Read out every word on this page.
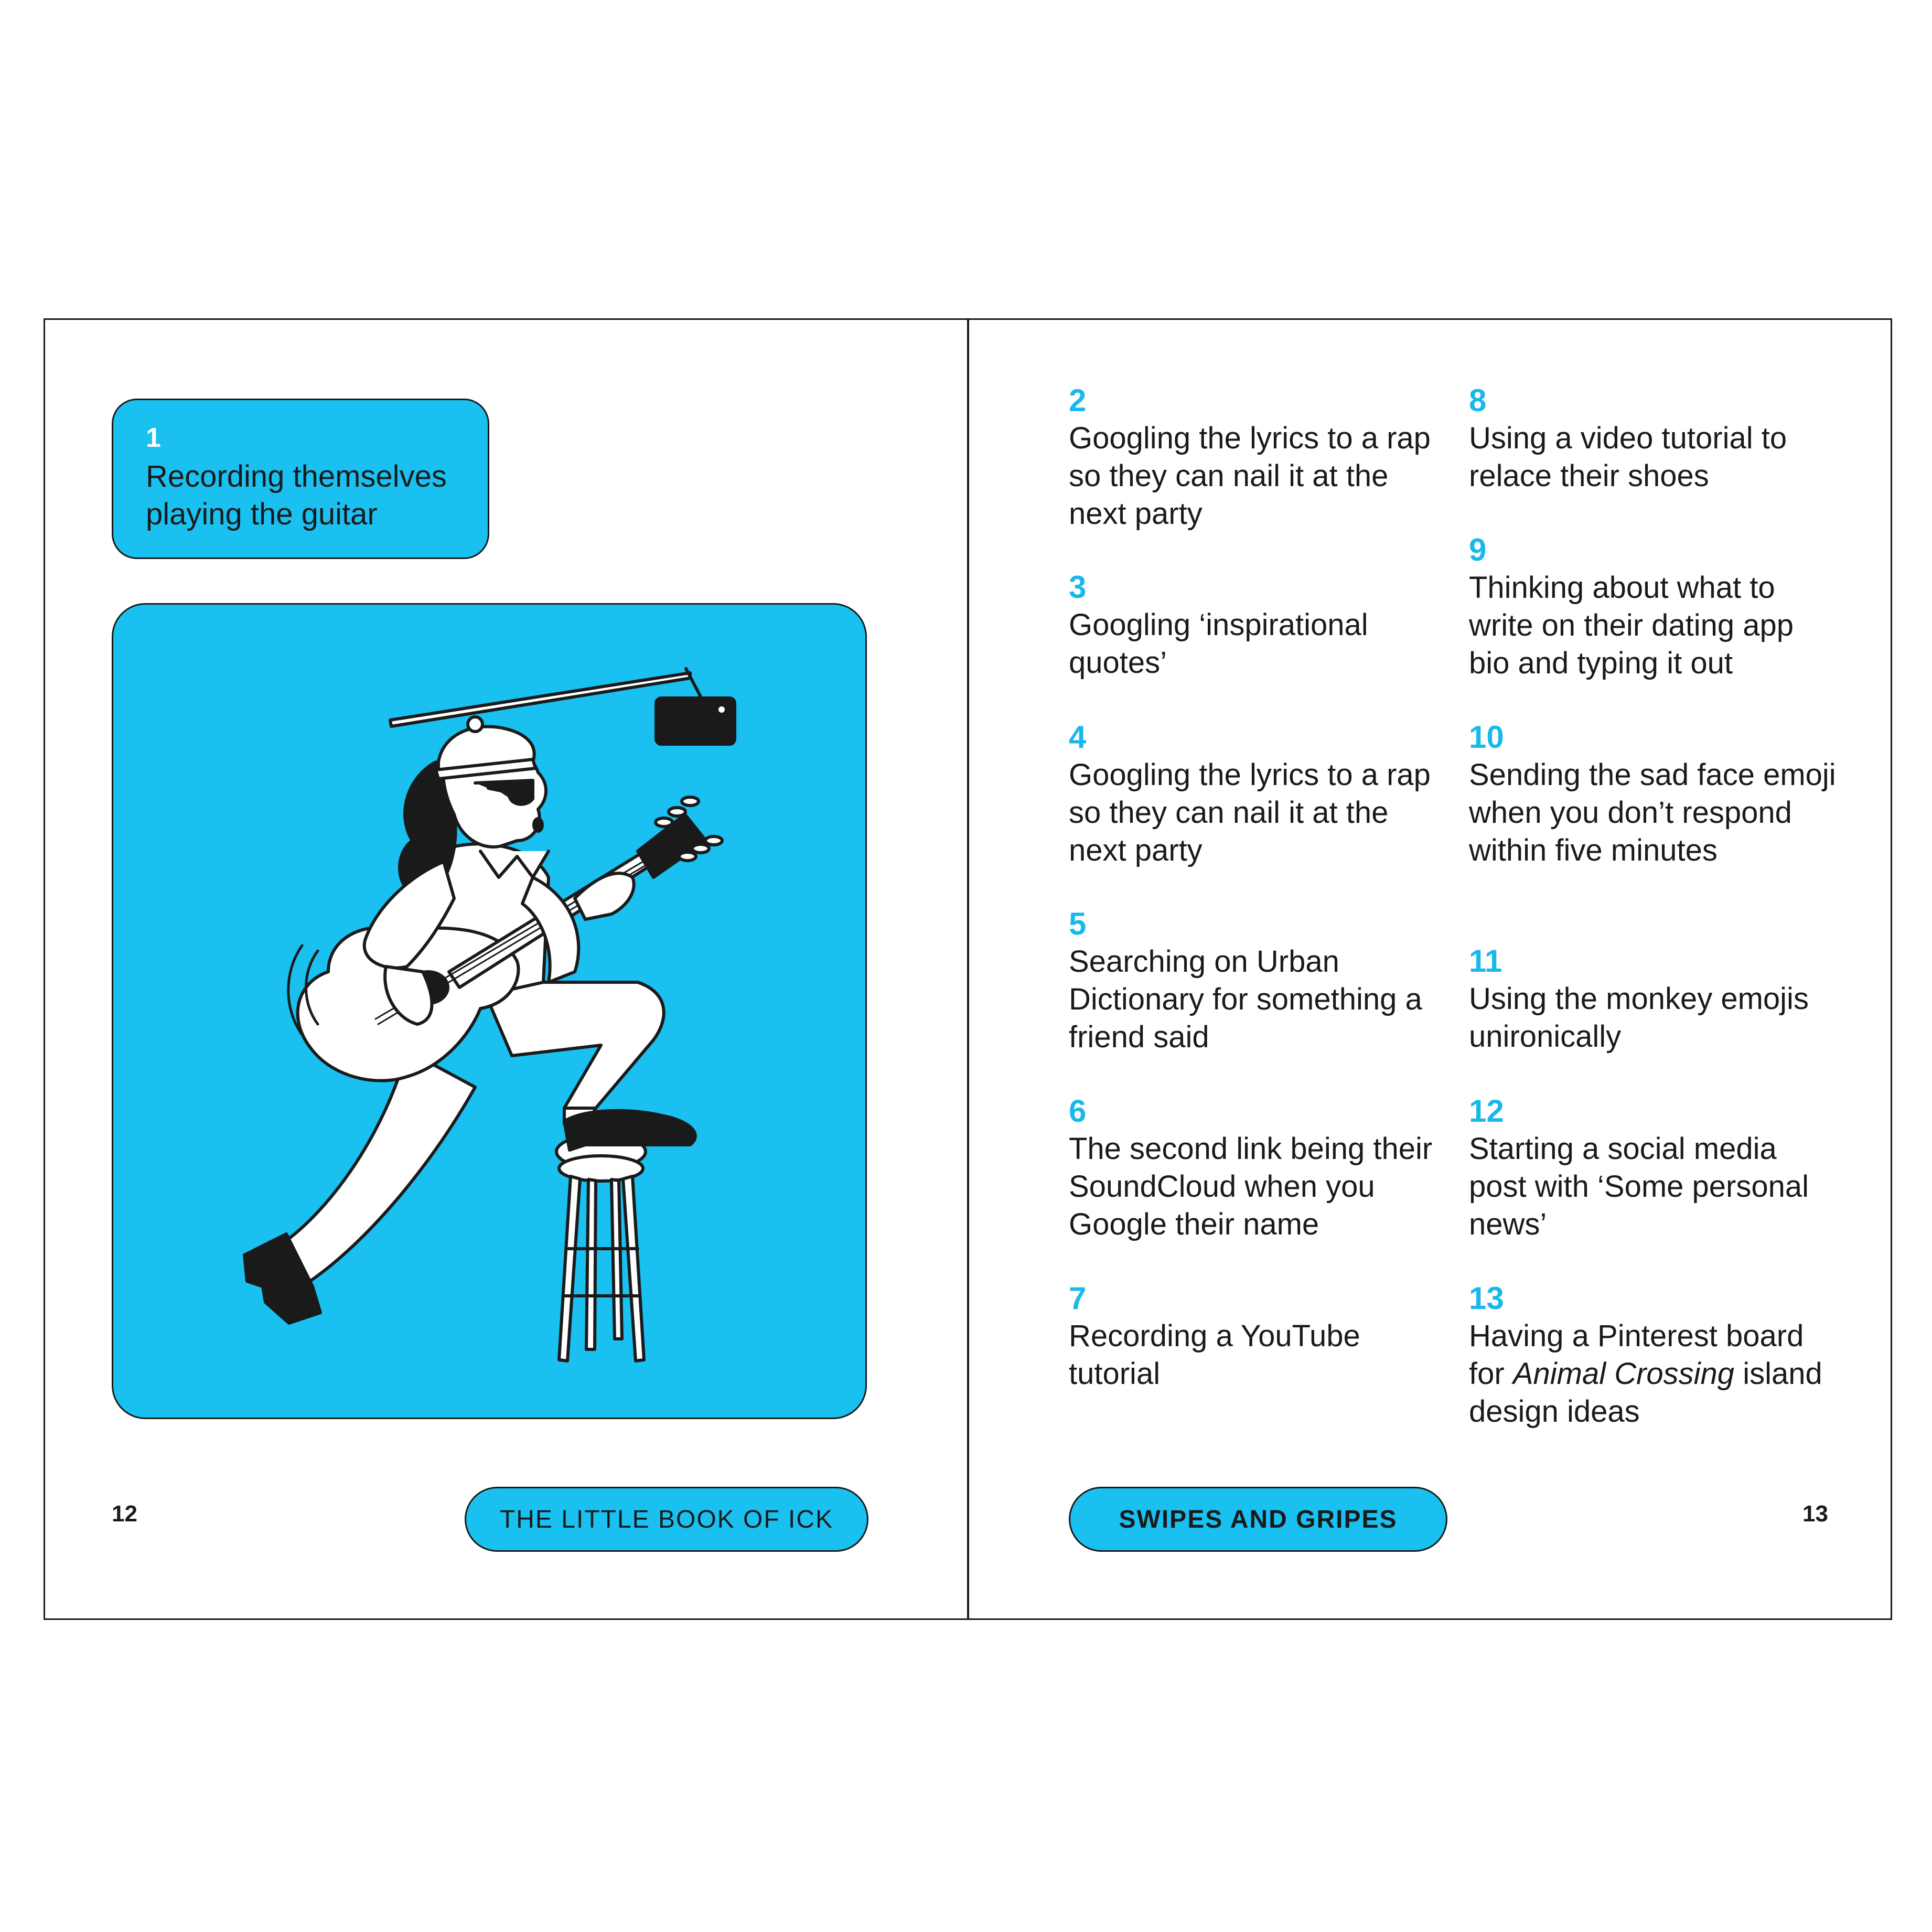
1
Recording themselves playing the guitar
12	THE LITTLE BOOK OF ICK
2
Googling the lyrics to a rap so they can nail it at the next party
3
Googling ‘inspirational quotes’
4
Googling the lyrics to a rap so they can nail it at the next party
5
Searching on Urban Dictionary for something a friend said
6
The second link being their SoundCloud when you Google their name
7
Recording a YouTube tutorial
8
Using a video tutorial to relace their shoes
9
Thinking about what to write on their dating app bio and typing it out
10
Sending the sad face emoji when you don’t respond within five minutes
11
Using the monkey emojis unironically
12
Starting a social media post with ‘Some personal news’
13
Having a Pinterest board for Animal Crossing island design ideas
SWIPES AND GRIPES	13
